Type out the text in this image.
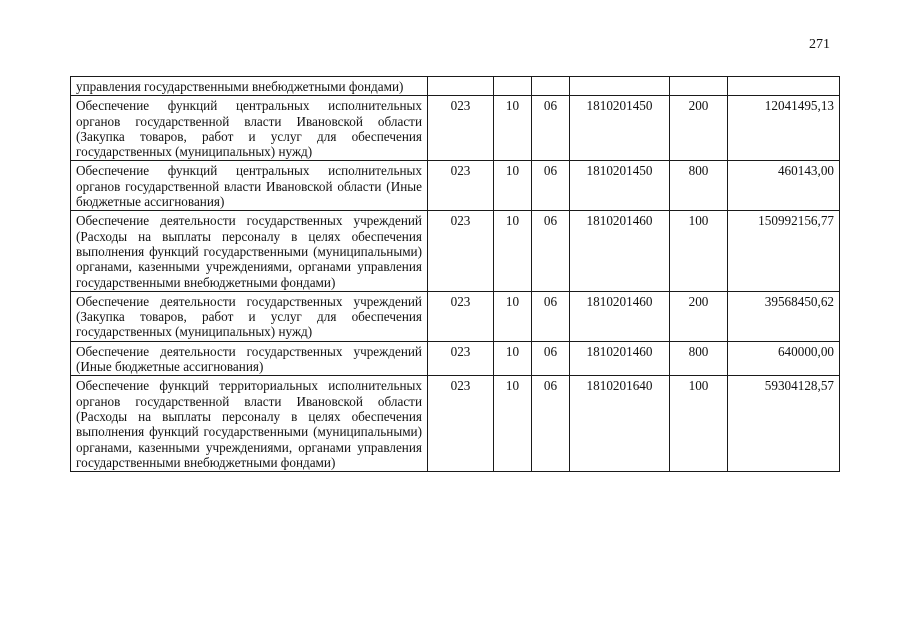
271
управления государственными внебюджетными фондами)						
Обеспечение функций центральных исполнительных органов государственной власти Ивановской области (Закупка товаров, работ и услуг для обеспечения государственных (муниципальных) нужд)	023	10	06	1810201450	200	12041495,13
Обеспечение функций центральных исполнительных органов государственной власти Ивановской области (Иные бюджетные ассигнования)	023	10	06	1810201450	800	460143,00
Обеспечение деятельности государственных учреждений (Расходы на выплаты персоналу в целях обеспечения выполнения функций государственными (муниципальными) органами, казенными учреждениями, органами управления государственными внебюджетными фондами)	023	10	06	1810201460	100	150992156,77
Обеспечение деятельности государственных учреждений (Закупка товаров, работ и услуг для обеспечения государственных (муниципальных) нужд)	023	10	06	1810201460	200	39568450,62
Обеспечение деятельности государственных учреждений (Иные бюджетные ассигнования)	023	10	06	1810201460	800	640000,00
Обеспечение функций территориальных исполнительных органов государственной власти Ивановской области (Расходы на выплаты персоналу в целях обеспечения выполнения функций государственными (муниципальными) органами, казенными учреждениями, органами управления государственными внебюджетными фондами)	023	10	06	1810201640	100	59304128,57
